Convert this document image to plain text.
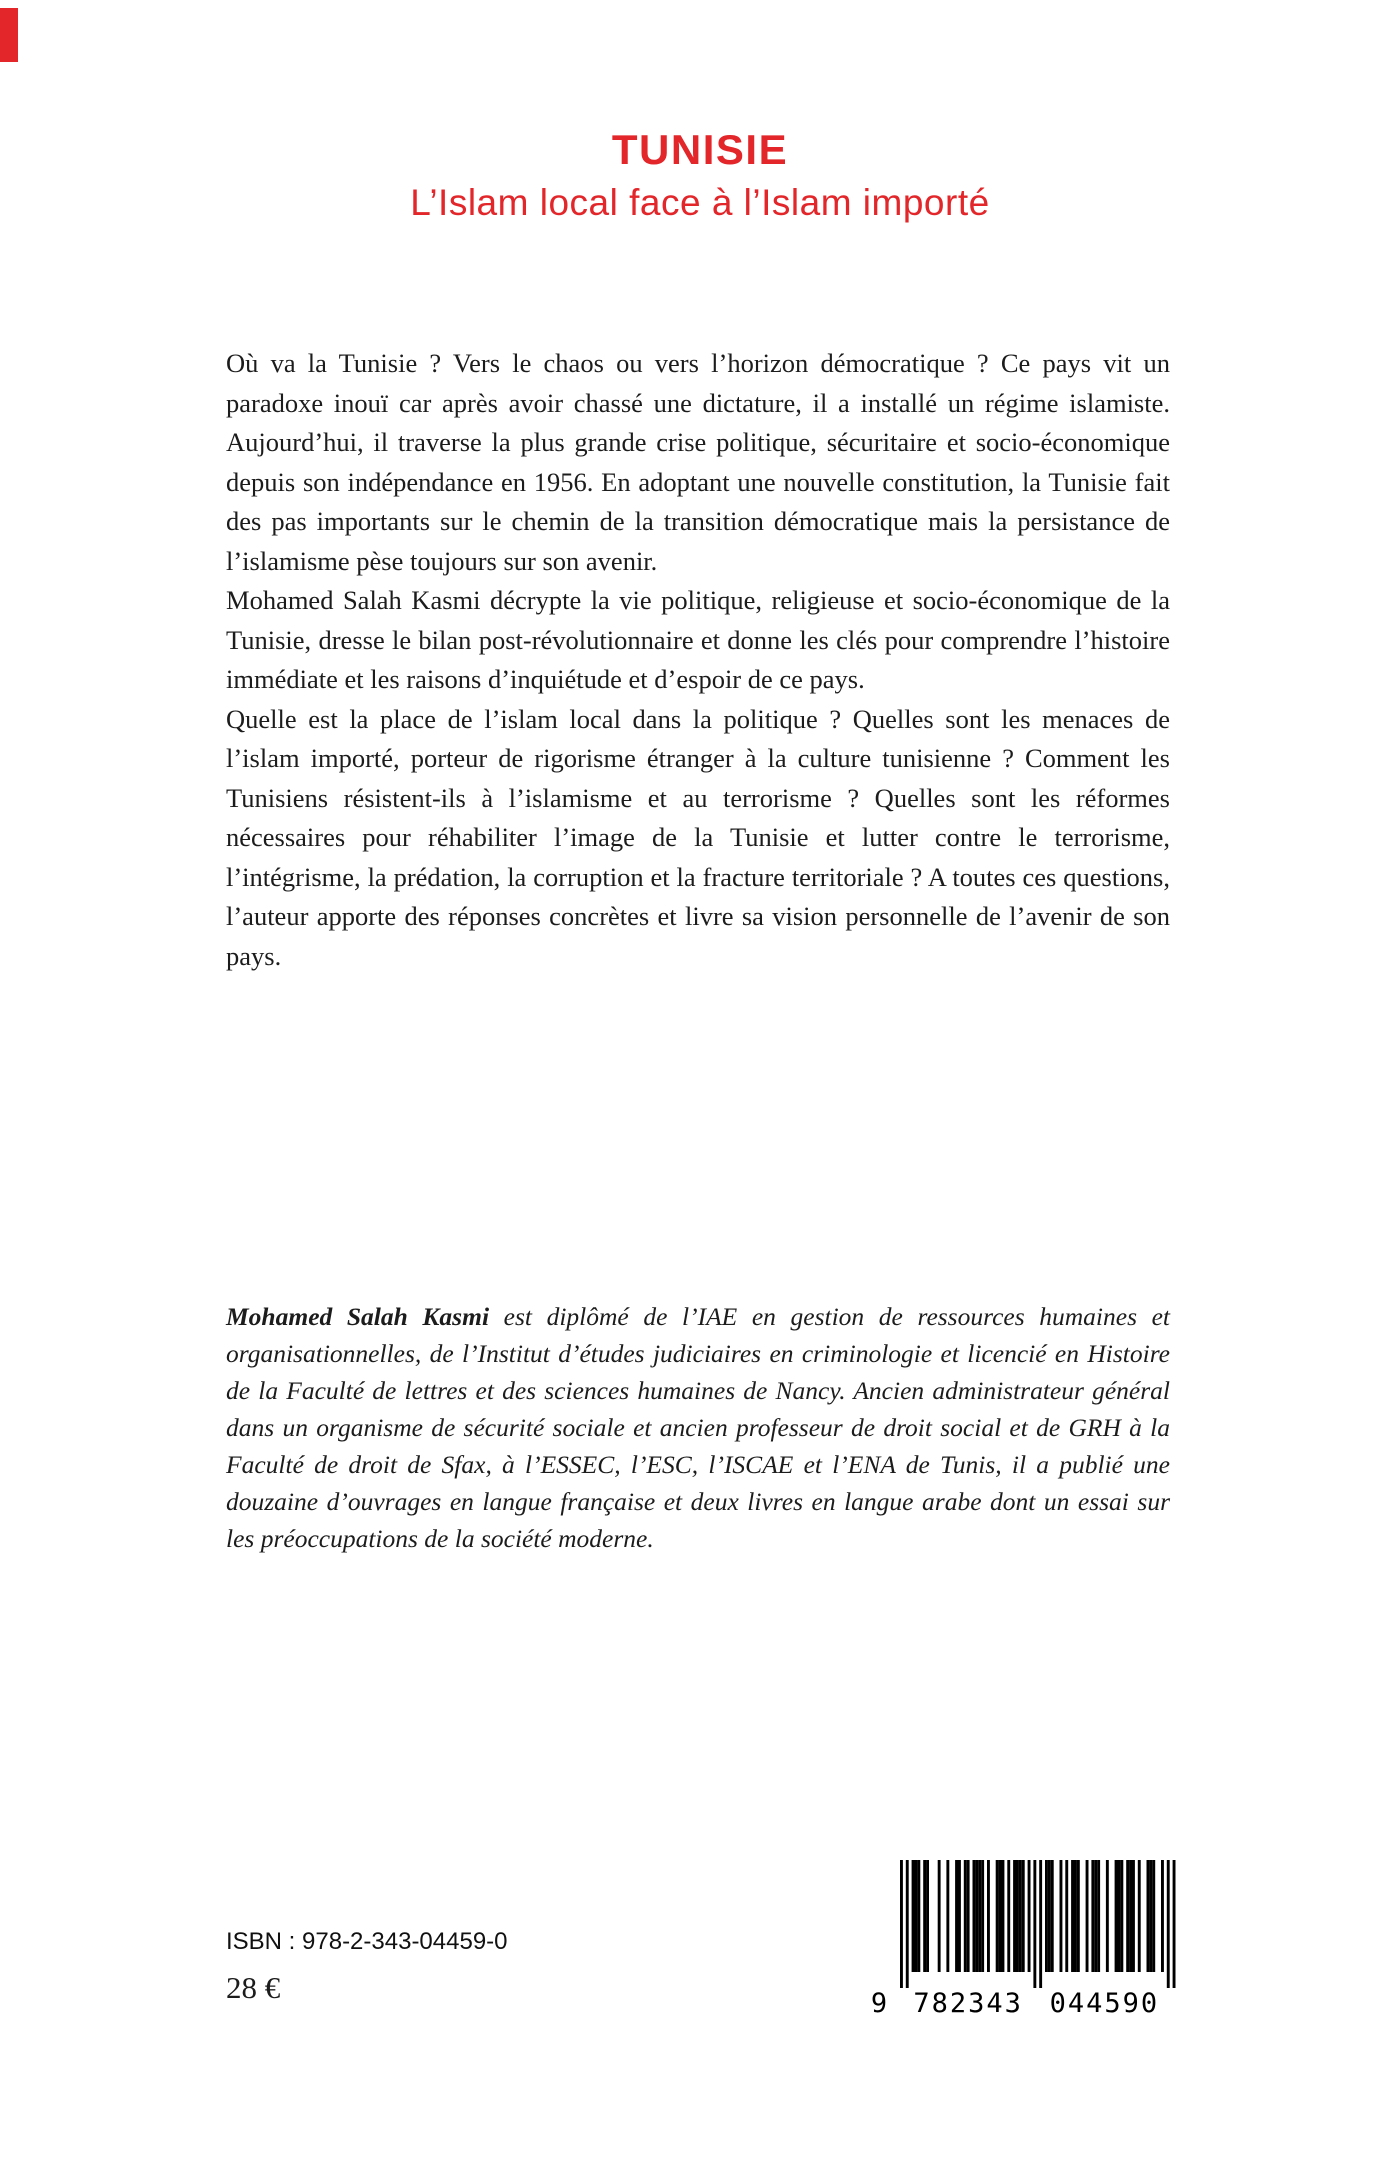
TUNISIE
L’Islam local face à l’Islam importé

Où va la Tunisie ? Vers le chaos ou vers l’horizon démocratique ? Ce pays vit un paradoxe inouï car après avoir chassé une dictature, il a installé un régime islamiste. Aujourd’hui, il traverse la plus grande crise politique, sécuritaire et socio-économique depuis son indépendance en 1956. En adoptant une nouvelle constitution, la Tunisie fait des pas importants sur le chemin de la transition démocratique mais la persistance de l’islamisme pèse toujours sur son avenir.

Mohamed Salah Kasmi décrypte la vie politique, religieuse et socio-économique de la Tunisie, dresse le bilan post-révolutionnaire et donne les clés pour comprendre l’histoire immédiate et les raisons d’inquiétude et d’espoir de ce pays.

Quelle est la place de l’islam local dans la politique ? Quelles sont les menaces de l’islam importé, porteur de rigorisme étranger à la culture tunisienne ? Comment les Tunisiens résistent-ils à l’islamisme et au terrorisme ? Quelles sont les réformes nécessaires pour réhabiliter l’image de la Tunisie et lutter contre le terrorisme, l’intégrisme, la prédation, la corruption et la fracture territoriale ? A toutes ces questions, l’auteur apporte des réponses concrètes et livre sa vision personnelle de l’avenir de son pays.

Mohamed Salah Kasmi est diplômé de l’IAE en gestion de ressources humaines et organisationnelles, de l’Institut d’études judiciaires en criminologie et licencié en Histoire de la Faculté de lettres et des sciences humaines de Nancy. Ancien administrateur général dans un organisme de sécurité sociale et ancien professeur de droit social et de GRH à la Faculté de droit de Sfax, à l’ESSEC, l’ESC, l’ISCAE et l’ENA de Tunis, il a publié une douzaine d’ouvrages en langue française et deux livres en langue arabe dont un essai sur les préoccupations de la société moderne.

ISBN : 978-2-343-04459-0
28 €	9 782343 044590
